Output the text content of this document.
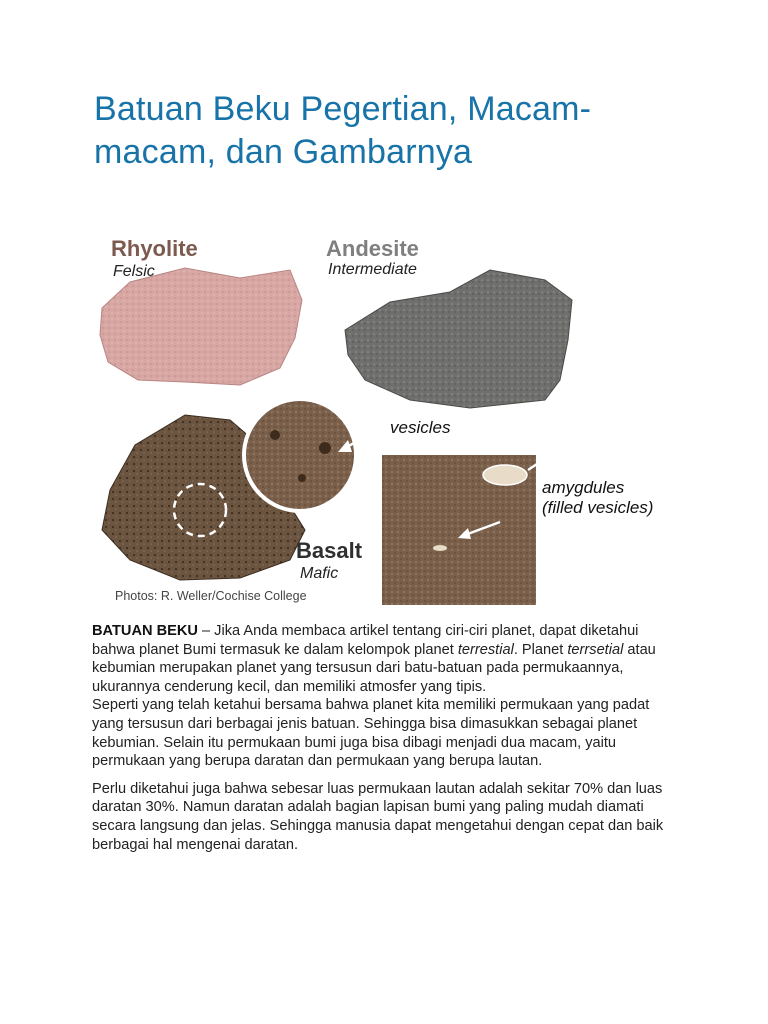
Batuan Beku Pegertian, Macam-macam, dan Gambarnya
Rhyolite
Felsic
Andesite
Intermediate
vesicles
amygdules
(filled vesicles)
Basalt
Mafic
Photos: R. Weller/Cochise College

BATUAN BEKU – Jika Anda membaca artikel tentang ciri-ciri planet, dapat diketahui bahwa planet Bumi termasuk ke dalam kelompok planet terrestial. Planet terrsetial atau kebumian merupakan planet yang tersusun dari batu-batuan pada permukaannya, ukurannya cenderung kecil, dan memiliki atmosfer yang tipis.
Seperti yang telah ketahui bersama bahwa planet kita memiliki permukaan yang padat yang tersusun dari berbagai jenis batuan. Sehingga bisa dimasukkan sebagai planet kebumian. Selain itu permukaan bumi juga bisa dibagi menjadi dua macam, yaitu permukaan yang berupa daratan dan permukaan yang berupa lautan.

Perlu diketahui juga bahwa sebesar luas permukaan lautan adalah sekitar 70% dan luas daratan 30%. Namun daratan adalah bagian lapisan bumi yang paling mudah diamati secara langsung dan jelas. Sehingga manusia dapat mengetahui dengan cepat dan baik berbagai hal mengenai daratan.
